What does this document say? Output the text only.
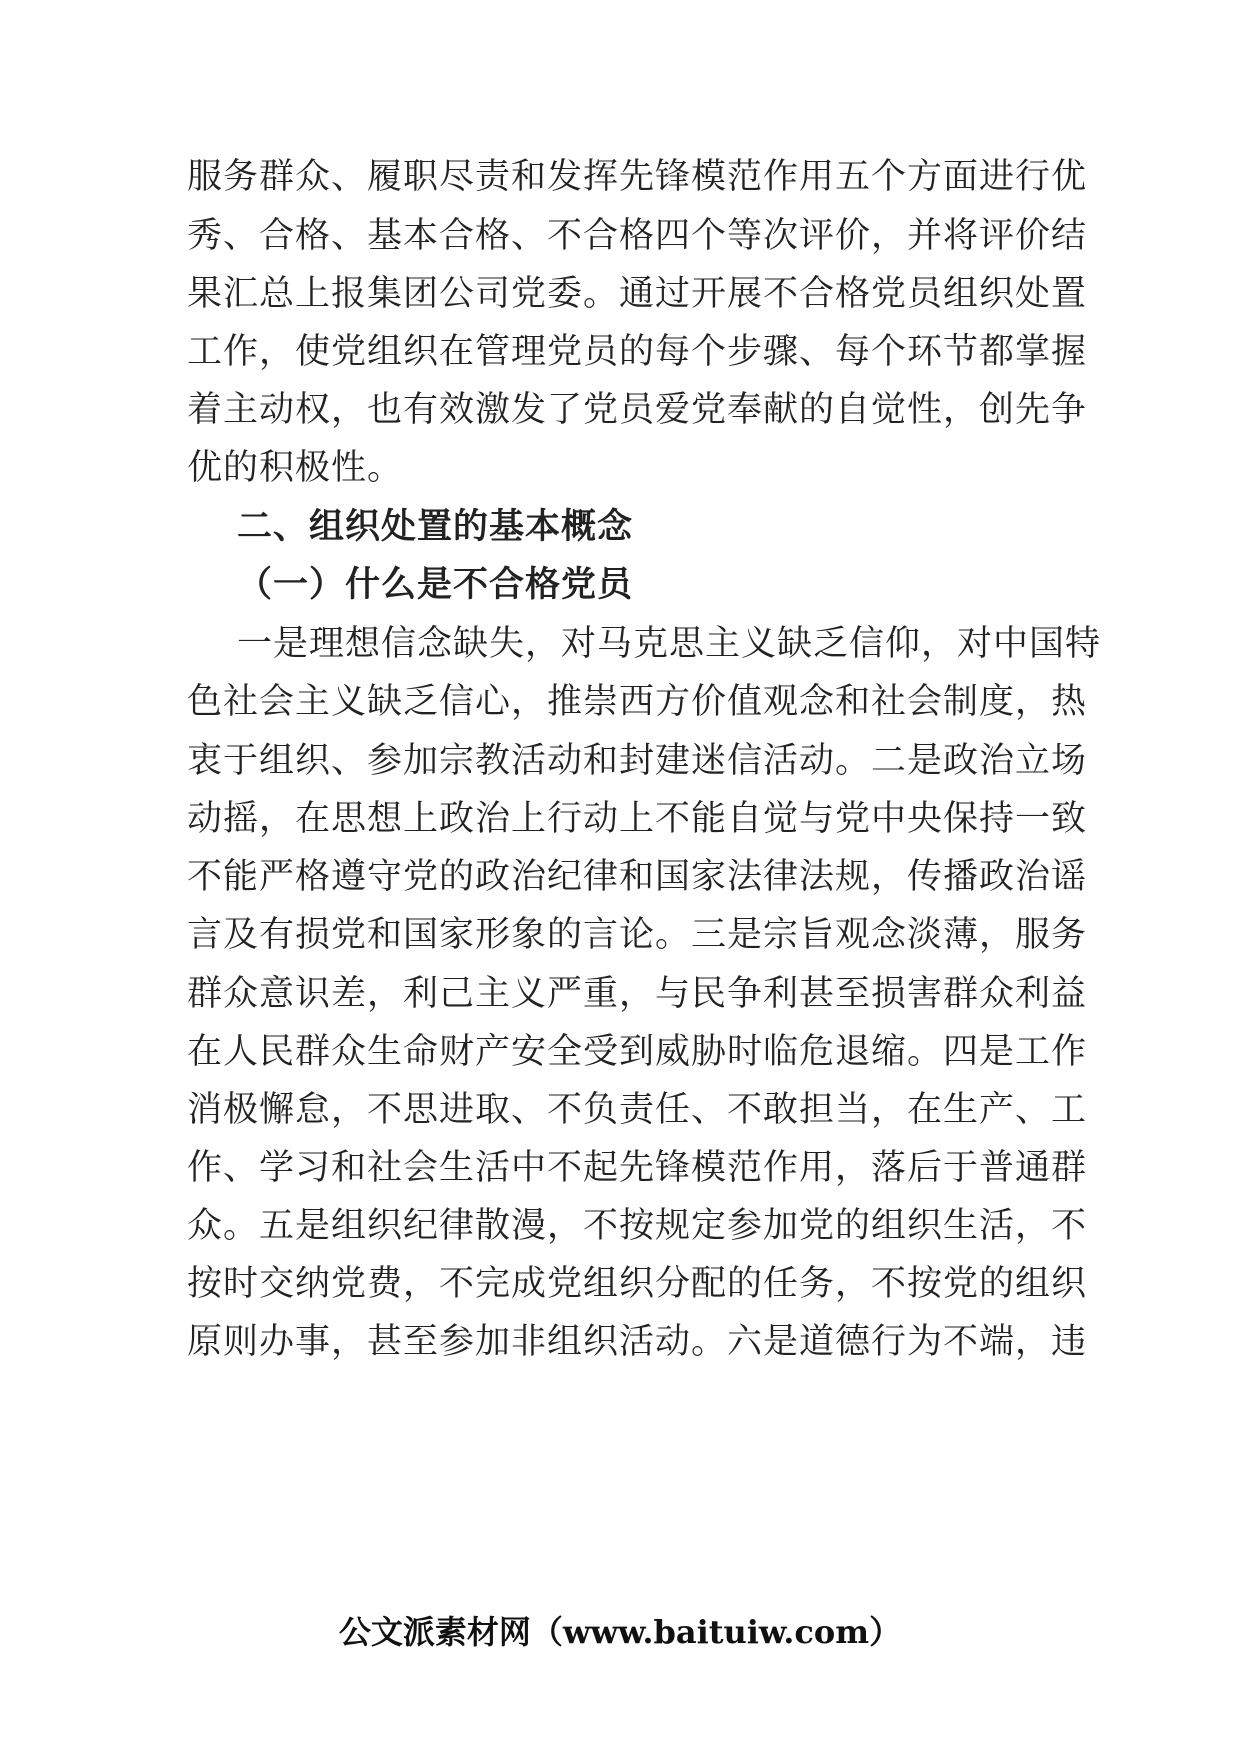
服务群众、履职尽责和发挥先锋模范作用五个方面进行优
秀、合格、基本合格、不合格四个等次评价，并将评价结
果汇总上报集团公司党委。通过开展不合格党员组织处置
工作，使党组织在管理党员的每个步骤、每个环节都掌握
着主动权，也有效激发了党员爱党奉献的自觉性，创先争
优的积极性。
二、组织处置的基本概念
（一）什么是不合格党员
一是理想信念缺失，对马克思主义缺乏信仰，对中国特
色社会主义缺乏信心，推崇西方价值观念和社会制度，热
衷于组织、参加宗教活动和封建迷信活动。二是政治立场
动摇，在思想上政治上行动上不能自觉与党中央保持一致
不能严格遵守党的政治纪律和国家法律法规，传播政治谣
言及有损党和国家形象的言论。三是宗旨观念淡薄，服务
群众意识差，利己主义严重，与民争利甚至损害群众利益
在人民群众生命财产安全受到威胁时临危退缩。四是工作
消极懈怠，不思进取、不负责任、不敢担当，在生产、工
作、学习和社会生活中不起先锋模范作用，落后于普通群
众。五是组织纪律散漫，不按规定参加党的组织生活，不
按时交纳党费，不完成党组织分配的任务，不按党的组织
原则办事，甚至参加非组织活动。六是道德行为不端，违
公文派素材网（www.baituiw.com）
